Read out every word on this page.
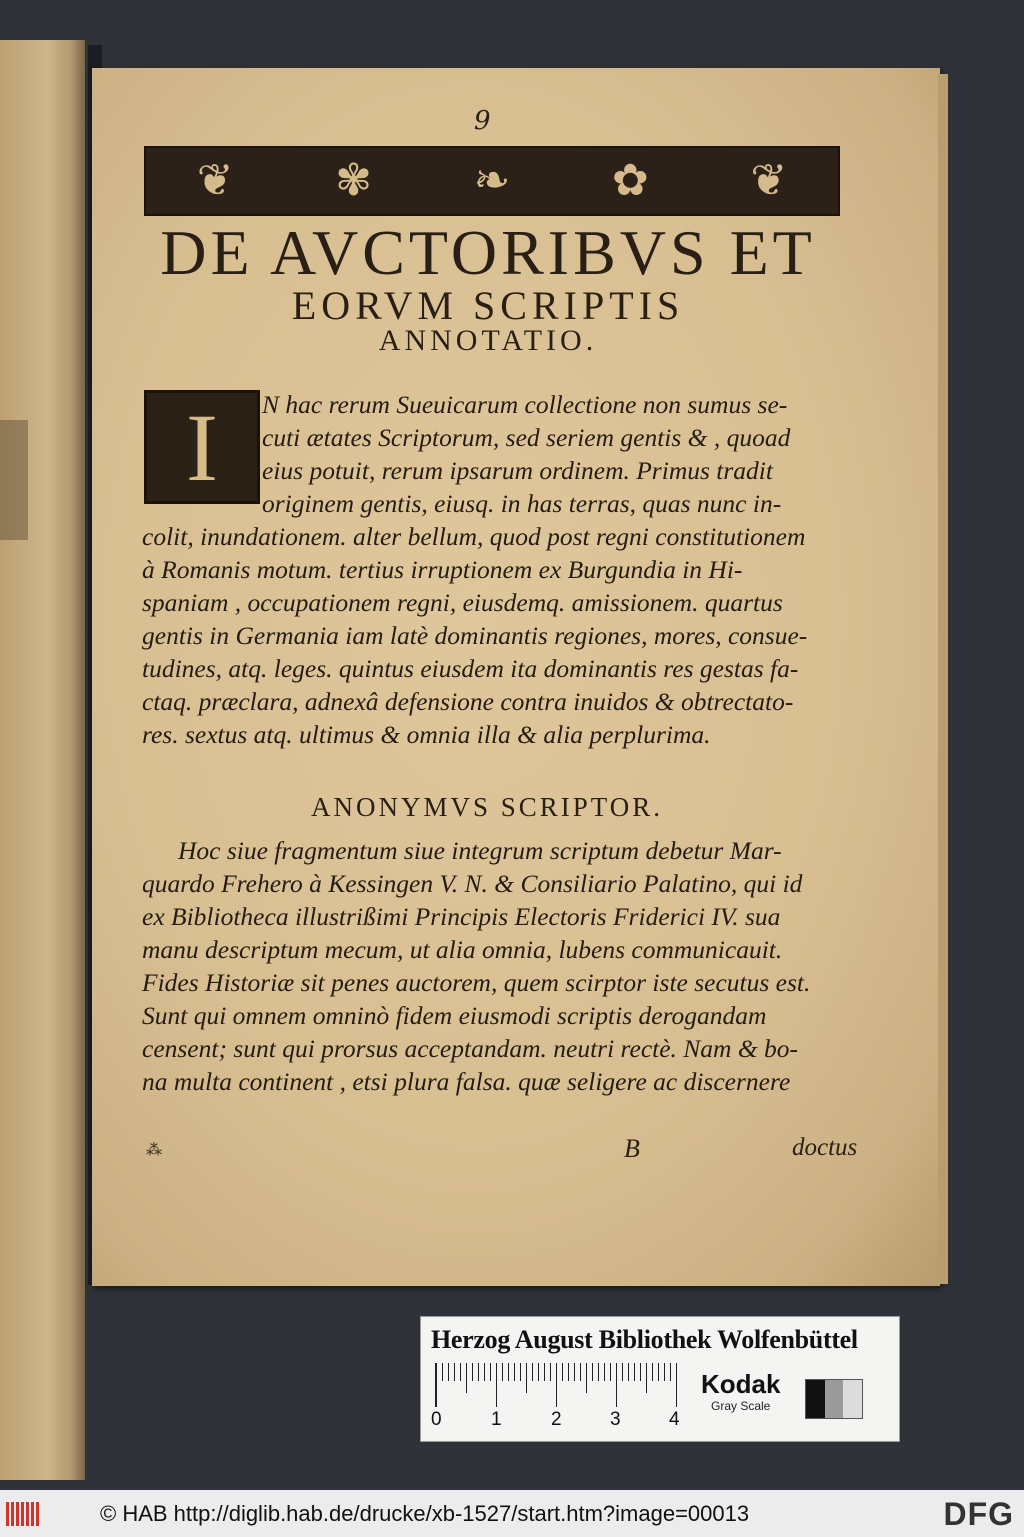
9
❦ ✾ ❧ ✿ ❦
DE AVCTORIBVS ET
EORVM SCRIPTIS
ANNOTATIO.
I	N hac rerum Sueuicarum collectione non sumus se-
cuti ætates Scriptorum, sed seriem gentis & , quoad
eius potuit, rerum ipsarum ordinem. Primus tradit
originem gentis, eiusq. in has terras, quas nunc in-
colit, inundationem. alter bellum, quod post regni constitutionem
à Romanis motum. tertius irruptionem ex Burgundia in Hi-
spaniam , occupationem regni, eiusdemq. amissionem. quartus
gentis in Germania iam latè dominantis regiones, mores, consue-
tudines, atq. leges. quintus eiusdem ita dominantis res gestas fa-
ctaq. præclara, adnexâ defensione contra inuidos & obtrectato-
res. sextus atq. ultimus & omnia illa & alia perplurima.
ANONYMVS SCRIPTOR.
Hoc siue fragmentum siue integrum scriptum debetur Mar-
quardo Frehero à Kessingen V. N. & Consiliario Palatino, qui id
ex Bibliotheca illustrißimi Principis Electoris Friderici IV. sua
manu descriptum mecum, ut alia omnia, lubens communicauit.
Fides Historiæ sit penes auctorem, quem scirptor iste secutus est.
Sunt qui omnem omninò fidem eiusmodi scriptis derogandam
censent; sunt qui prorsus acceptandam. neutri rectè. Nam & bo-
na multa continent , etsi plura falsa. quæ seligere ac discernere
⁂	B	doctus
Herzog August Bibliothek Wolfenbüttel
0	1	2	3	4
Kodak
Gray Scale
© HAB http://diglib.hab.de/drucke/xb-1527/start.htm?image=00013	DFG
